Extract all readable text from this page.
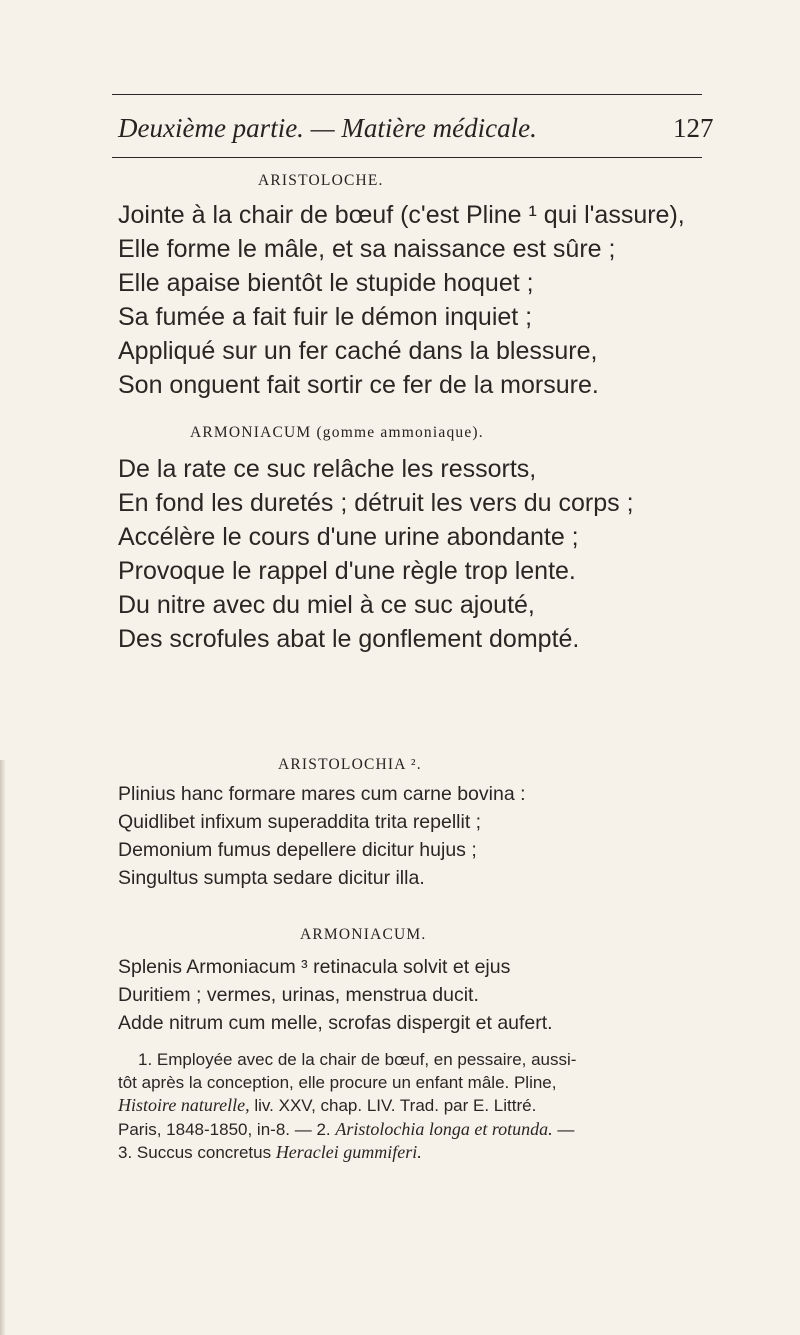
Deuxième partie. — Matière médicale.	127
ARISTOLOCHE.
Jointe à la chair de bœuf (c'est Pline ¹ qui l'assure),
Elle forme le mâle, et sa naissance est sûre ;
Elle apaise bientôt le stupide hoquet ;
Sa fumée a fait fuir le démon inquiet ;
Appliqué sur un fer caché dans la blessure,
Son onguent fait sortir ce fer de la morsure.
ARMONIACUM (gomme ammoniaque).
De la rate ce suc relâche les ressorts,
En fond les duretés ; détruit les vers du corps ;
Accélère le cours d'une urine abondante ;
Provoque le rappel d'une règle trop lente.
Du nitre avec du miel à ce suc ajouté,
Des scrofules abat le gonflement dompté.
ARISTOLOCHIA ².
Plinius hanc formare mares cum carne bovina :
Quidlibet infixum superaddita trita repellit ;
Demonium fumus depellere dicitur hujus ;
Singultus sumpta sedare dicitur illa.
ARMONIACUM.
Splenis Armoniacum ³ retinacula solvit et ejus
Duritiem ; vermes, urinas, menstrua ducit.
Adde nitrum cum melle, scrofas dispergit et aufert.
1. Employée avec de la chair de bœuf, en pessaire, aussi-
tôt après la conception, elle procure un enfant mâle. Pline,
Histoire naturelle, liv. XXV, chap. LIV. Trad. par E. Littré.
Paris, 1848-1850, in-8. — 2. Aristolochia longa et rotunda. —
3. Succus concretus Heraclei gummiferi.
